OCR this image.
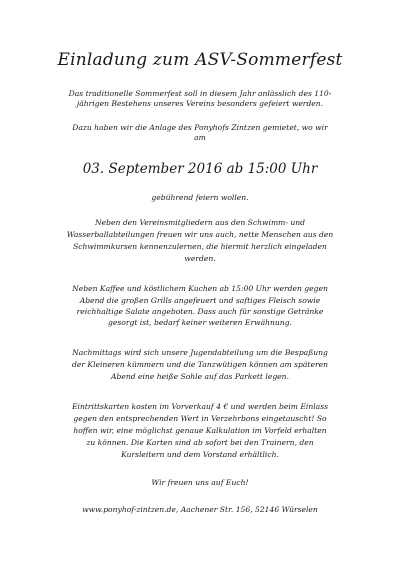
Einladung zum ASV-Sommerfest
Das traditionelle Sommerfest soll in diesem Jahr anlässlich des 110-
jährigen Bestehens unseres Vereins besonders gefeiert werden.
Dazu haben wir die Anlage des Ponyhofs Zintzen gemietet, wo wir
am
03. September 2016 ab 15:00 Uhr
gebührend feiern wollen.
Neben den Vereinsmitgliedern aus den Schwimm- und
Wasserballabteilungen freuen wir uns auch, nette Menschen aus den
Schwimmkursen kennenzulernen, die hiermit herzlich eingeladen
werden.
Neben Kaffee und köstlichem Kuchen ab 15:00 Uhr werden gegen
Abend die großen Grills angefeuert und saftiges Fleisch sowie
reichhaltige Salate angeboten. Dass auch für sonstige Getränke
gesorgt ist, bedarf keiner weiteren Erwähnung.
Nachmittags wird sich unsere Jugendabteilung um die Bespaßung
der Kleineren kümmern und die Tanzwütigen können am späteren
Abend eine heiße Sohle auf das Parkett legen.
Eintrittskarten kosten im Vorverkauf 4 € und werden beim Einlass
gegen den entsprechenden Wert in Verzehrbons eingetauscht! So
hoffen wir, eine möglichst genaue Kalkulation im Vorfeld erhalten
zu können. Die Karten sind ab sofort bei den Trainern, den
Kursleitern und dem Vorstand erhältlich.
Wir freuen uns auf Euch!
www.ponyhof-zintzen.de, Aachener Str. 156, 52146 Würselen
